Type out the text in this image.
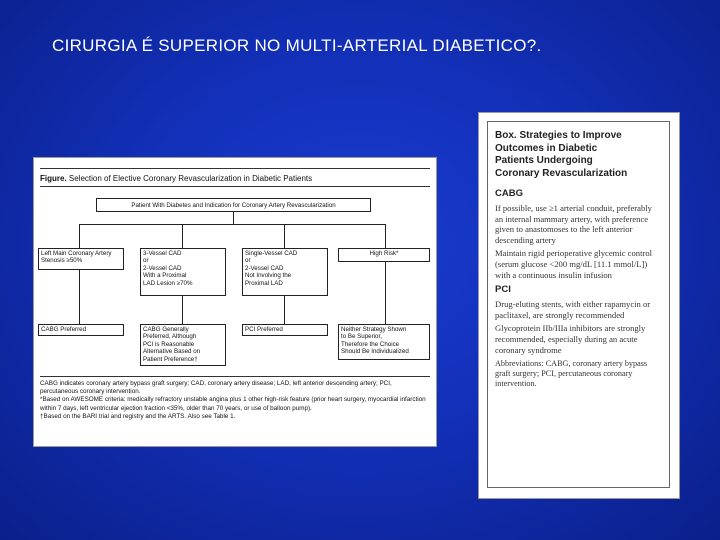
CIRURGIA É SUPERIOR NO MULTI-ARTERIAL DIABETICO?.
Figure. Selection of Elective Coronary Revascularization in Diabetic Patients
Patient With Diabetes and Indication for Coronary Artery Revascularization
Left Main Coronary Artery
Stenosis ≥50%
3-Vessel CAD
or
2-Vessel CAD
With a Proximal
LAD Lesion ≥70%
Single-Vessel CAD
or
2-Vessel CAD
Not Involving the
Proximal LAD
High Risk*
CABG Preferred	CABG Generally
Preferred, Although
PCI is Reasonable
Alternative Based on
Patient Preference†
PCI Preferred	Neither Strategy Shown
to Be Superior,
Therefore the Choice
Should Be Individualized
CABG indicates coronary artery bypass graft surgery; CAD, coronary artery disease; LAD, left anterior descending artery; PCI, percutaneous coronary intervention.
*Based on AWESOME criteria: medically refractory unstable angina plus 1 other high-risk feature (prior heart surgery, myocardial infarction within 7 days, left ventricular ejection fraction <35%, older than 70 years, or use of balloon pump).
†Based on the BARI trial and registry and the ARTS. Also see Table 1.
Box. Strategies to Improve
Outcomes in Diabetic
Patients Undergoing
Coronary Revascularization
CABG
If possible, use ≥1 arterial conduit, preferably an internal mammary artery, with preference given to anastomoses to the left anterior descending artery
Maintain rigid perioperative glycemic control (serum glucose <200 mg/dL [11.1 mmol/L]) with a continuous insulin infusion
PCI
Drug-eluting stents, with either rapamycin or paclitaxel, are strongly recommended
Glycoprotein IIb/IIIa inhibitors are strongly recommended, especially during an acute coronary syndrome
Abbreviations: CABG, coronary artery bypass graft surgery; PCI, percutaneous coronary intervention.
